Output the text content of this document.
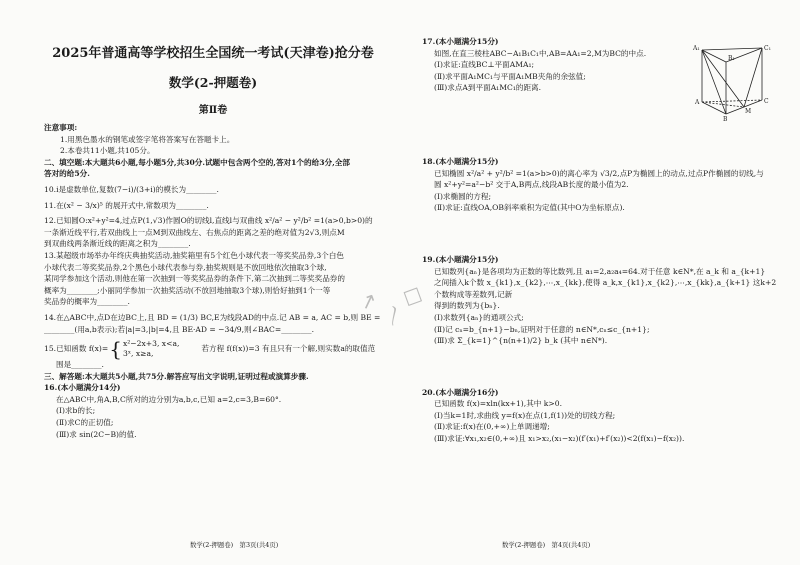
2025年普通高等学校招生全国统一考试(天津卷)抢分卷
数学(2-押题卷)
第Ⅱ卷

注意事项:

1.用黑色墨水的钢笔或签字笔将答案写在答题卡上。

2.本卷共11小题,共105分。

二、填空题:本大题共6小题,每小题5分,共30分.试题中包含两个空的,答对1个的给3分,全部

答对的给5分.

10.i是虚数单位,复数(7−i)/(3+i)的模长为________.

11.在(x² − 3/x)⁵ 的展开式中,常数项为________.

12.已知圆O:x²+y²=4,过点P(1,√3)作圆O的切线l,直线l与双曲线 x²/a² − y²/b² =1(a>0,b>0)的

一条渐近线平行,若双曲线上一点M到双曲线左、右焦点的距离之差的绝对值为2√3,则点M

到双曲线两条渐近线的距离之积为________.

13.某超级市场举办年终庆典抽奖活动,抽奖箱里有5个红色小球代表一等奖奖品券,3个白色

小球代表二等奖奖品券,2个黑色小球代表参与券,抽奖规则是不放回地依次抽取3个球,

某同学参加这个活动,则他在第一次抽到一等奖奖品券的条件下,第二次抽到二等奖奖品券的

概率为________;小丽同学参加一次抽奖活动(不放回地抽取3个球),则恰好抽到1个一等

奖品券的概率为________.

14.在△ABC中,点D在边BC上,且 BD = (1/3) BC,E为线段AD的中点.记 AB = a, AC = b,则 BE =

________(用a,b表示);若|a|=3,|b|=4,且 BE·AD = −34/9,则∠BAC=________.

15.已知函数 f(x)= { x²−2x+3, x<a,
3ˣ, x≥a,
若方程 f(f(x))=3 有且只有一个解,则实数a的取值范

围是________.

三、解答题:本大题共5小题,共75分.解答应写出文字说明,证明过程或演算步骤.

16.(本小题满分14分)

在△ABC中,角A,B,C所对的边分别为a,b,c,已知 a=2,c=3,B=60°.

(Ⅰ)求b的长;

(Ⅱ)求C的正切值;

(Ⅲ)求 sin(2C−B)的值.

数学(2-押题卷)　第3页(共4页)

17.(本小题满分15分)

如图,在直三棱柱ABC−A₁B₁C₁中,AB=AA₁=2,M为BC的中点.

(Ⅰ)求证:直线BC⊥平面AMA₁;

(Ⅱ)求平面A₁MC₁与平面A₁MB夹角的余弦值;

(Ⅲ)求点A到平面A₁MC₁的距离.

A₁	C₁
B₁
A	C
M
B

18.(本小题满分15分)

已知椭圆 x²/a² + y²/b² =1(a>b>0)的离心率为 √3/2,点P为椭圆上的动点,过点P作椭圆的切线,与

圆 x²+y²=a²−b² 交于A,B两点,线段AB长度的最小值为2.

(Ⅰ)求椭圆的方程;

(Ⅱ)求证:直线OA,OB斜率乘积为定值(其中O为坐标原点).

19.(本小题满分15分)

已知数列{aₙ}是各项均为正数的等比数列,且 a₁=2,a₂a₄=64.对于任意 k∈N*,在 a_k 和 a_{k+1}

之间插入k个数 x_{k1},x_{k2},⋯,x_{kk},使得 a_k,x_{k1},x_{k2},⋯,x_{kk},a_{k+1} 这k+2个数构成等差数列,记新

得到的数列为{bₙ}.

(Ⅰ)求数列{aₙ}的通项公式;

(Ⅱ)记 cₙ=b_{n+1}−bₙ,证明对于任意的 n∈N*,cₙ≤c_{n+1};

(Ⅲ)求 Σ_{k=1}^{n(n+1)/2} b_k (其中 n∈N*).

20.(本小题满分16分)

已知函数 f(x)=xln(kx+1),其中 k>0.

(Ⅰ)当k=1时,求曲线 y=f(x)在点(1,f(1))处的切线方程;

(Ⅱ)求证:f(x)在(0,+∞)上单调递增;

(Ⅲ)求证:∀x₁,x₂∈(0,+∞)且 x₁>x₂,(x₁−x₂)(f′(x₁)+f′(x₂))<2(f(x₁)−f(x₂)).

数学(2-押题卷)　第4页(共4页)
↗ 〳
☐
